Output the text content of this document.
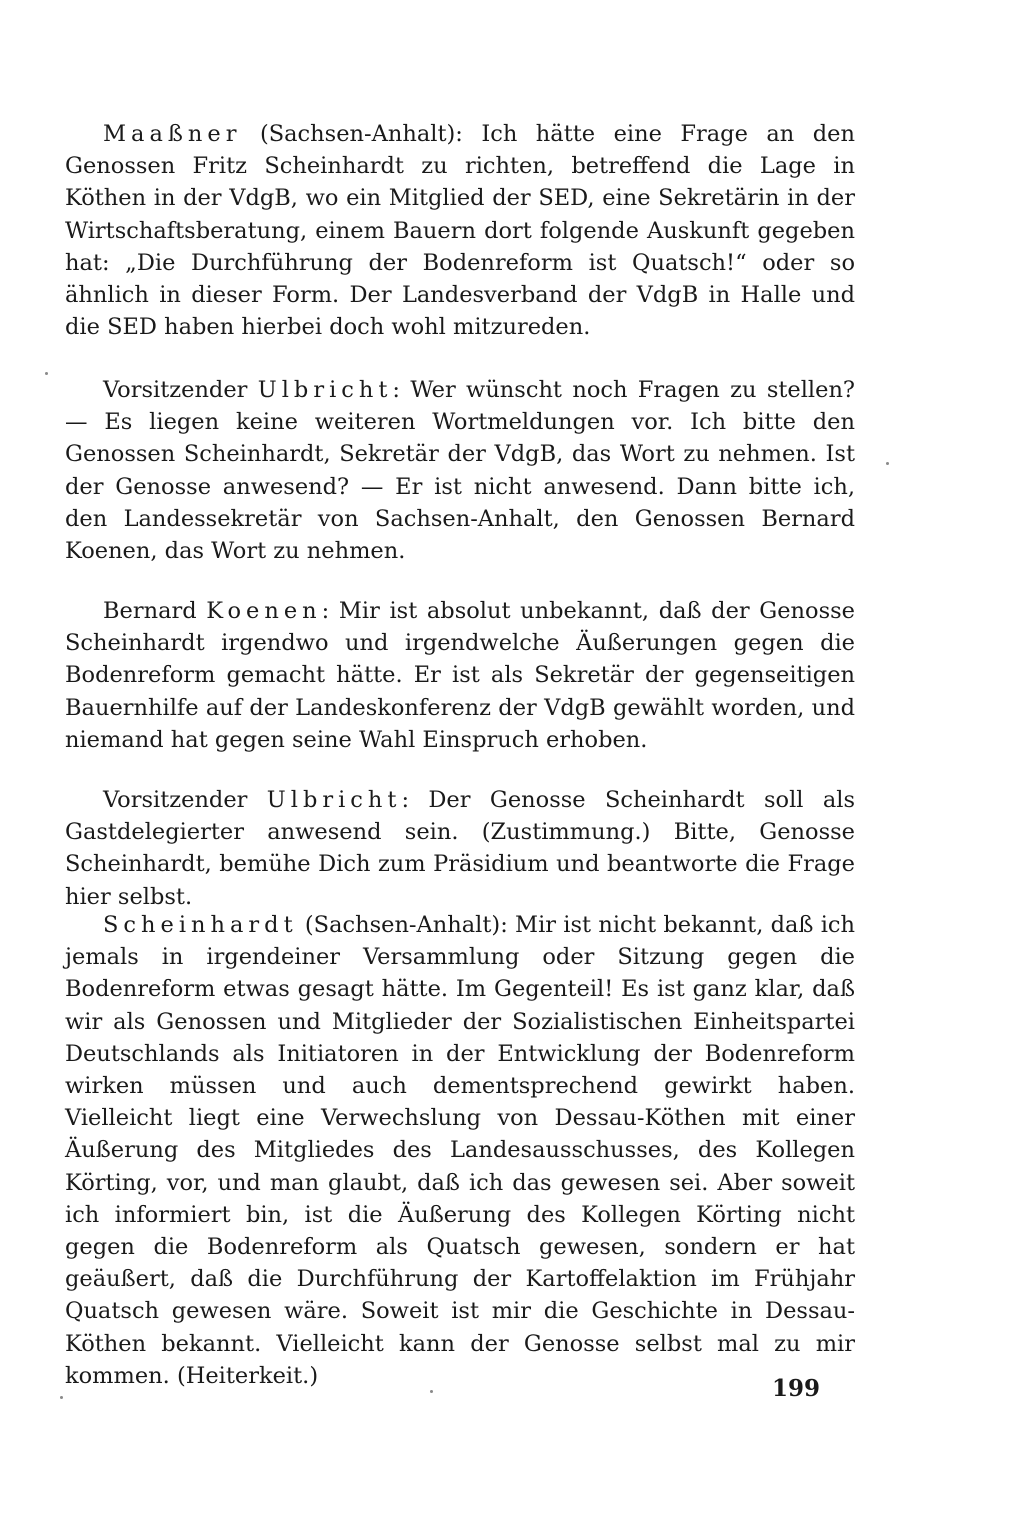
Maaßner (Sachsen-Anhalt): Ich hätte eine Frage an den Genossen Fritz Scheinhardt zu richten, betreffend die Lage in Köthen in der VdgB, wo ein Mitglied der SED, eine Sekretärin in der Wirtschaftsberatung, einem Bauern dort folgende Auskunft gegeben hat: „Die Durchführung der Bodenreform ist Quatsch!“ oder so ähnlich in dieser Form. Der Landesverband der VdgB in Halle und die SED haben hierbei doch wohl mitzureden.

Vorsitzender Ulbricht: Wer wünscht noch Fragen zu stellen? — Es liegen keine weiteren Wortmeldungen vor. Ich bitte den Genossen Scheinhardt, Sekretär der VdgB, das Wort zu nehmen. Ist der Genosse anwesend? — Er ist nicht anwesend. Dann bitte ich, den Landessekretär von Sachsen-Anhalt, den Genossen Bernard Koenen, das Wort zu nehmen.

Bernard Koenen: Mir ist absolut unbekannt, daß der Genosse Scheinhardt irgendwo und irgendwelche Äußerungen gegen die Bodenreform gemacht hätte. Er ist als Sekretär der gegenseitigen Bauernhilfe auf der Landeskonferenz der VdgB gewählt worden, und niemand hat gegen seine Wahl Einspruch erhoben.

Vorsitzender Ulbricht: Der Genosse Scheinhardt soll als Gastdelegierter anwesend sein. (Zustimmung.) Bitte, Genosse Scheinhardt, bemühe Dich zum Präsidium und beantworte die Frage hier selbst.

Scheinhardt (Sachsen-Anhalt): Mir ist nicht bekannt, daß ich jemals in irgendeiner Versammlung oder Sitzung gegen die Bodenreform etwas gesagt hätte. Im Gegenteil! Es ist ganz klar, daß wir als Genossen und Mitglieder der Sozialistischen Einheitspartei Deutschlands als Initiatoren in der Entwicklung der Bodenreform wirken müssen und auch dementsprechend gewirkt haben. Vielleicht liegt eine Verwechslung von Dessau-Köthen mit einer Äußerung des Mitgliedes des Landesausschusses, des Kollegen Körting, vor, und man glaubt, daß ich das gewesen sei. Aber soweit ich informiert bin, ist die Äußerung des Kollegen Körting nicht gegen die Bodenreform als Quatsch gewesen, sondern er hat geäußert, daß die Durchführung der Kartoffelaktion im Frühjahr Quatsch gewesen wäre. Soweit ist mir die Geschichte in Dessau-Köthen bekannt. Vielleicht kann der Genosse selbst mal zu mir kommen. (Heiterkeit.)	199
